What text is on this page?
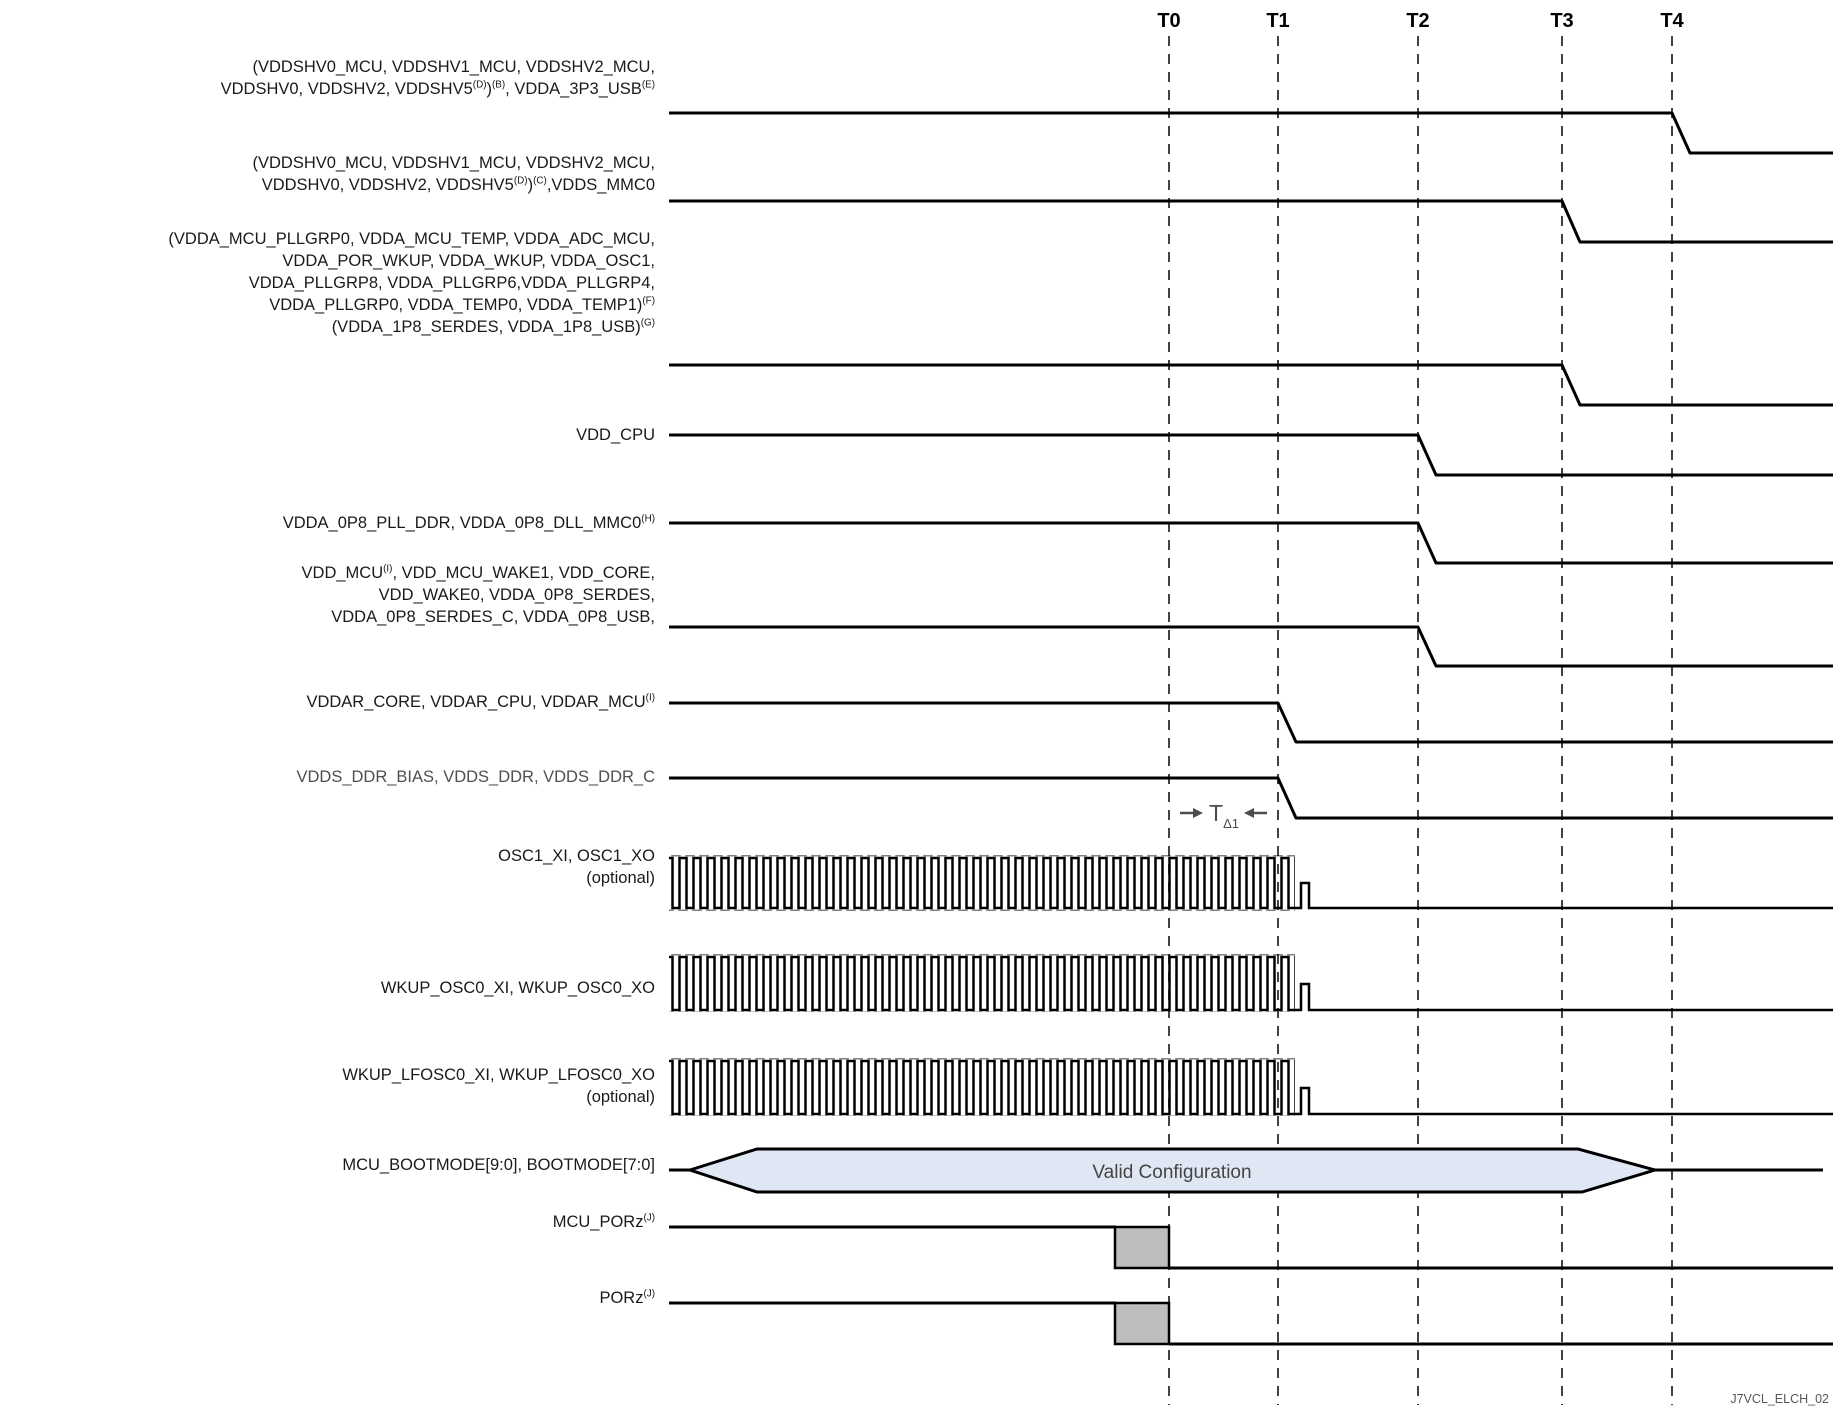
T0	T1	T2	T3	T4
Valid Configuration
$T_{\Delta 1}$
J7VCL_ELCH_02
(VDDSHV0_MCU, VDDSHV1_MCU, VDDSHV2_MCU,
VDDSHV0, VDDSHV2, $VDDSHV5^{(D)})^{(B)}$, $VDDA\_3P3\_USB^{(E)}$
(VDDSHV0_MCU, VDDSHV1_MCU, VDDSHV2_MCU,
VDDSHV0, VDDSHV2, $VDDSHV5^{(D)})^{(C)},VDDS\_MMC0$
(VDDA_MCU_PLLGRP0, VDDA_MCU_TEMP, VDDA_ADC_MCU,
VDDA_POR_WKUP, VDDA_WKUP, VDDA_OSC1,
VDDA_PLLGRP8, VDDA_PLLGRP6,VDDA_PLLGRP4,
VDDA_PLLGRP0, VDDA_TEMP0, VDDA_TEMP1)$^{(F)}$
(VDDA_1P8_SERDES, VDDA_1P8_USB)$^{(G)}$
VDD_CPU
VDDA_0P8_PLL_DDR, $VDDA\_0P8\_DLL\_MMC0^{(H)}$
$VDD\_MCU^{(I)}$, VDD_MCU_WAKE1, VDD_CORE,
VDD_WAKE0, VDDA_0P8_SERDES,
VDDA_0P8_SERDES_C, VDDA_0P8_USB,
VDDAR_CORE, VDDAR_CPU, $VDDAR\_MCU^{(I)}$
VDDS_DDR_BIAS, VDDS_DDR, VDDS_DDR_C
OSC1_XI, OSC1_XO
(optional)
WKUP_OSC0_XI, WKUP_OSC0_XO
WKUP_LFOSC0_XI, WKUP_LFOSC0_XO
(optional)
MCU_BOOTMODE[9:0], BOOTMODE[7:0]
MCU_PORz$^{(J)}$
PORz$^{(J)}$
